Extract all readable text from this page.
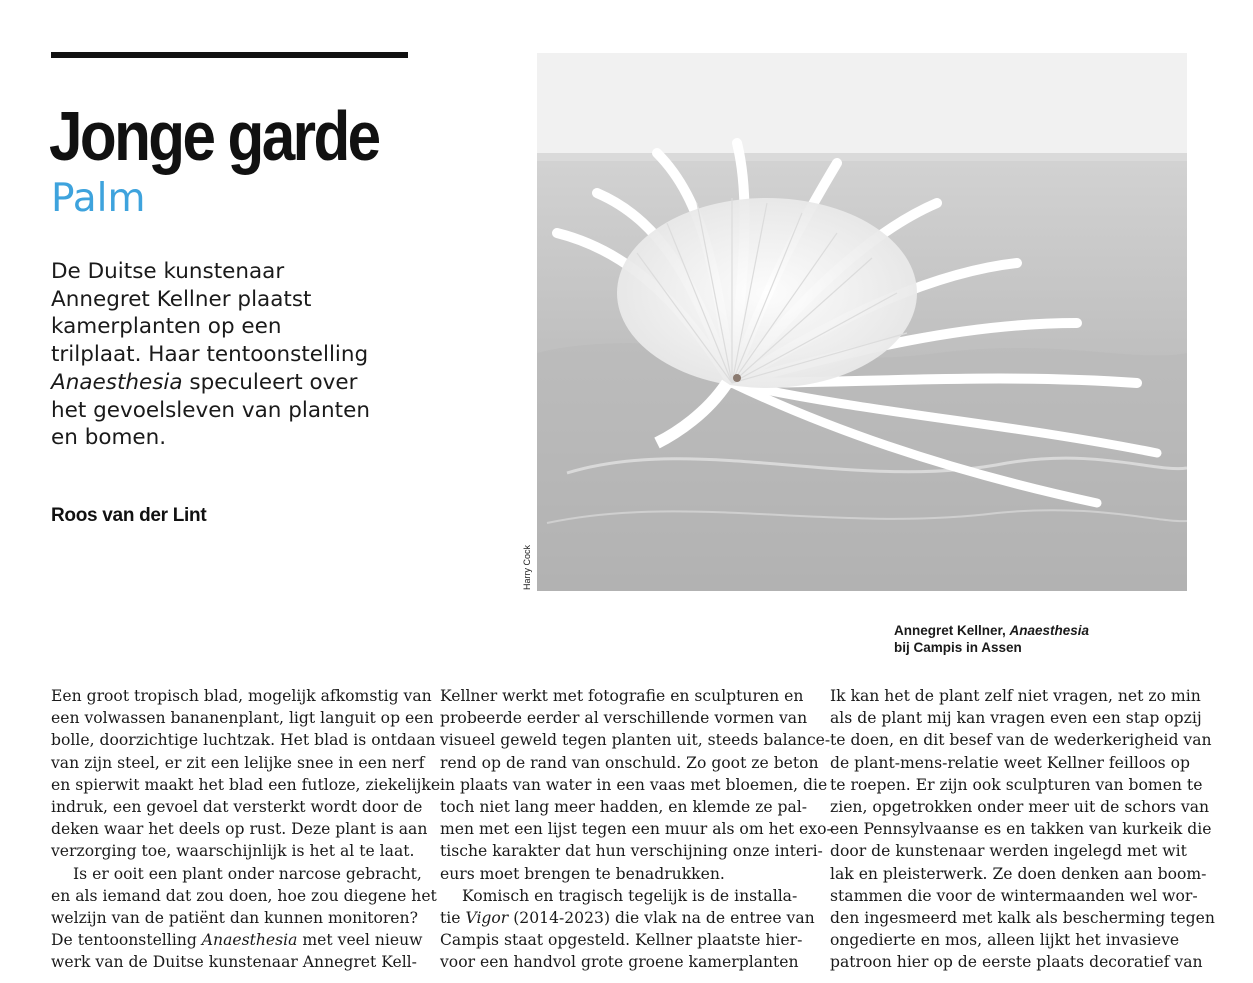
Jonge garde
Palm
De Duitse kunstenaar
Annegret Kellner plaatst
kamerplanten op een
trilplaat. Haar tentoonstelling
Anaesthesia speculeert over
het gevoelsleven van planten
en bomen.
Roos van der Lint
Harry Cock
Annegret Kellner, Anaesthesia
bij Campis in Assen
Een groot tropisch blad, mogelijk afkomstig van
een volwassen bananenplant, ligt languit op een
bolle, doorzichtige luchtzak. Het blad is ontdaan
van zijn steel, er zit een lelijke snee in een nerf
en spierwit maakt het blad een futloze, ziekelijke
indruk, een gevoel dat versterkt wordt door de
deken waar het deels op rust. Deze plant is aan
verzorging toe, waarschijnlijk is het al te laat.
Is er ooit een plant onder narcose gebracht,
en als iemand dat zou doen, hoe zou diegene het
welzijn van de patiënt dan kunnen monitoren?
De tentoonstelling Anaesthesia met veel nieuw
werk van de Duitse kunstenaar Annegret Kell-
Kellner werkt met fotografie en sculpturen en
probeerde eerder al verschillende vormen van
visueel geweld tegen planten uit, steeds balance-
rend op de rand van onschuld. Zo goot ze beton
in plaats van water in een vaas met bloemen, die
toch niet lang meer hadden, en klemde ze pal-
men met een lijst tegen een muur als om het exo-
tische karakter dat hun verschijning onze interi-
eurs moet brengen te benadrukken.
Komisch en tragisch tegelijk is de installa-
tie Vigor (2014-2023) die vlak na de entree van
Campis staat opgesteld. Kellner plaatste hier-
voor een handvol grote groene kamerplanten
Ik kan het de plant zelf niet vragen, net zo min
als de plant mij kan vragen even een stap opzij
te doen, en dit besef van de wederkerigheid van
de plant-mens-relatie weet Kellner feilloos op
te roepen. Er zijn ook sculpturen van bomen te
zien, opgetrokken onder meer uit de schors van
een Pennsylvaanse es en takken van kurkeik die
door de kunstenaar werden ingelegd met wit
lak en pleisterwerk. Ze doen denken aan boom-
stammen die voor de wintermaanden wel wor-
den ingesmeerd met kalk als bescherming tegen
ongedierte en mos, alleen lijkt het invasieve
patroon hier op de eerste plaats decoratief van
